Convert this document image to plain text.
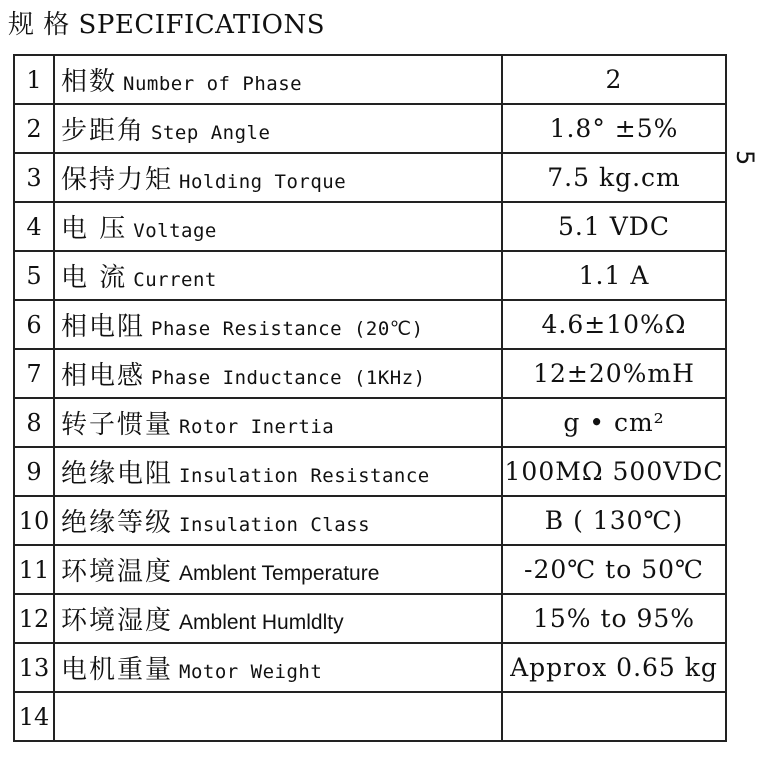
规 格 SPECIFICATIONS
5
1	相数 Number of Phase	2
2	步距角 Step Angle	1.8° ±5%
3	保持力矩 Holding Torque	7.5 kg.cm
4	电 压 Voltage	5.1 VDC
5	电 流 Current	1.1 A
6	相电阻 Phase Resistance (20℃)	4.6±10%Ω
7	相电感 Phase Inductance (1KHz)	12±20%mH
8	转子惯量 Rotor Inertia	g • cm²
9	绝缘电阻 Insulation Resistance	100MΩ 500VDC
10	绝缘等级 Insulation Class	B ( 130℃)
11	环境温度 Amblent Temperature	-20℃ to 50℃
12	环境湿度 Amblent Humldlty	15% to 95%
13	电机重量 Motor Weight	Approx 0.65 kg
14		
